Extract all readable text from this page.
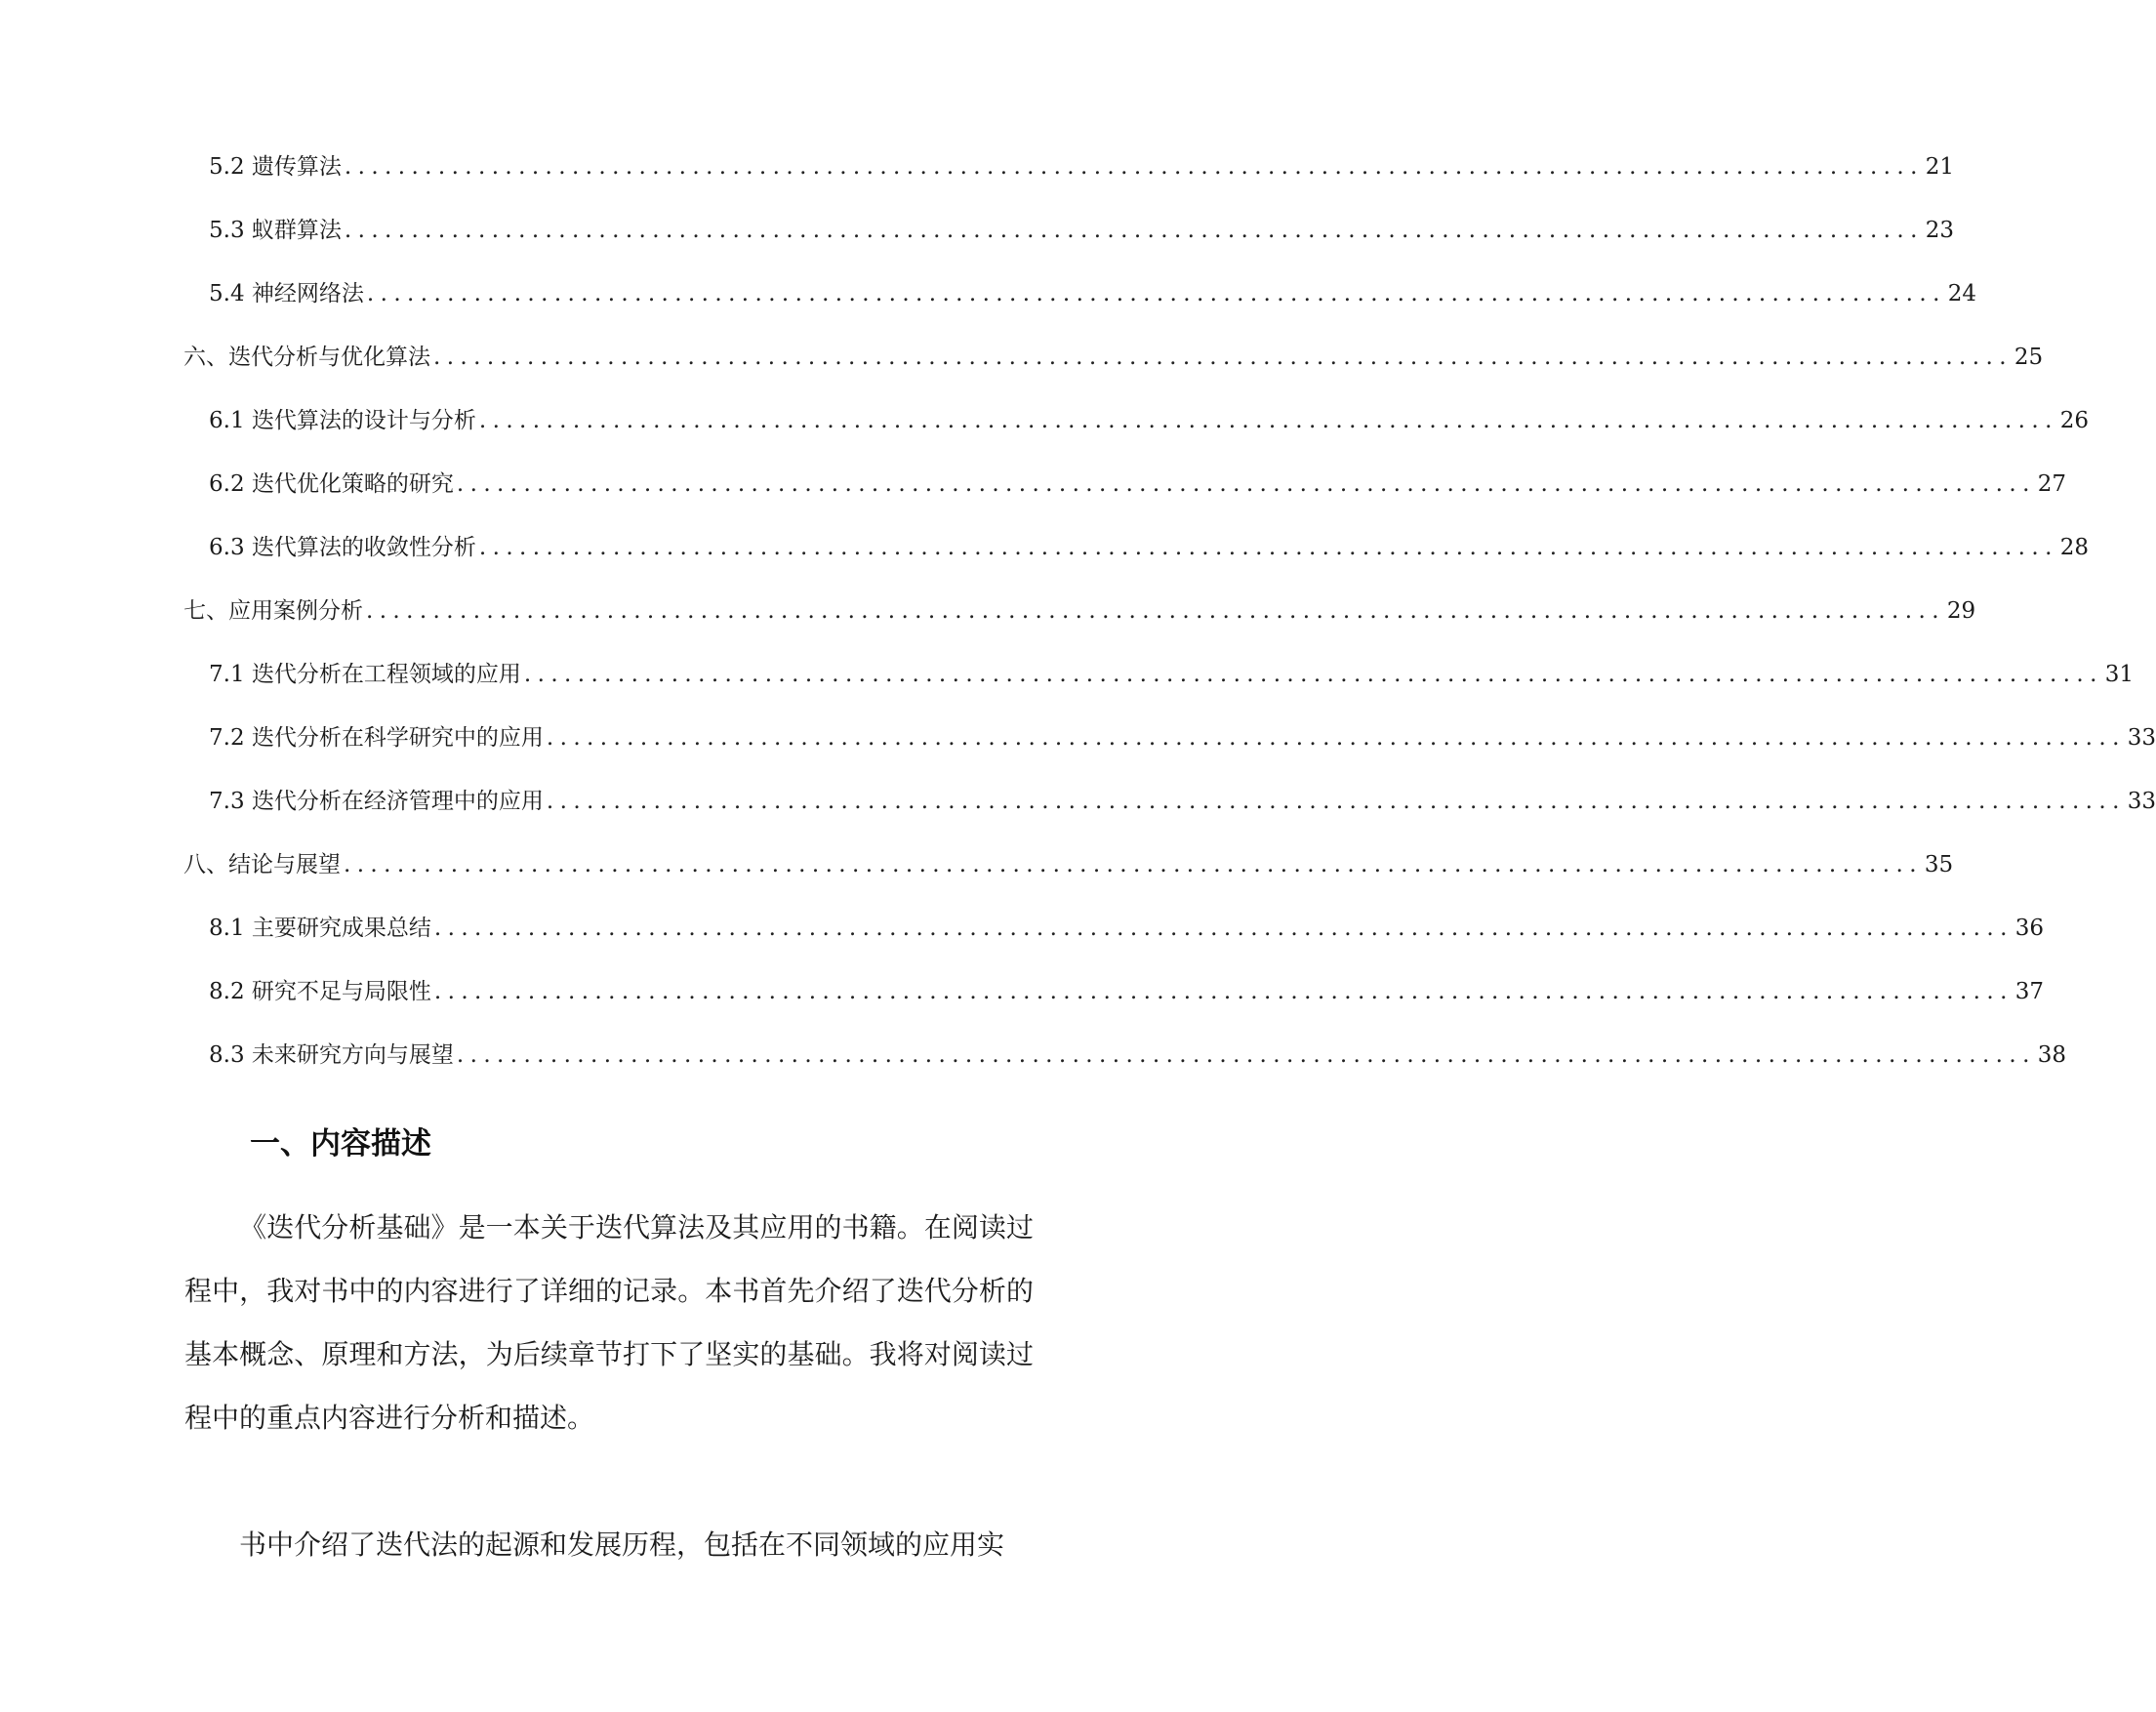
5.2 遗传算法 ...................................................................................................................... 21
5.3 蚁群算法 ...................................................................................................................... 23
5.4 神经网络法 ...................................................................................................................... 24
六、迭代分析与优化算法 ...................................................................................................................... 25
6.1 迭代算法的设计与分析 ...................................................................................................................... 26
6.2 迭代优化策略的研究 ...................................................................................................................... 27
6.3 迭代算法的收敛性分析 ...................................................................................................................... 28
七、应用案例分析 ...................................................................................................................... 29
7.1 迭代分析在工程领域的应用 ...................................................................................................................... 31
7.2 迭代分析在科学研究中的应用 ...................................................................................................................... 33
7.3 迭代分析在经济管理中的应用 ...................................................................................................................... 33
八、结论与展望 ...................................................................................................................... 35
8.1 主要研究成果总结 ...................................................................................................................... 36
8.2 研究不足与局限性 ...................................................................................................................... 37
8.3 未来研究方向与展望 ...................................................................................................................... 38
一、内容描述

《迭代分析基础》是一本关于迭代算法及其应用的书籍。在阅读过程中，我对书中的内容进行了详细的记录。本书首先介绍了迭代分析的基本概念、原理和方法，为后续章节打下了坚实的基础。我将对阅读过程中的重点内容进行分析和描述。

书中介绍了迭代法的起源和发展历程，包括在不同领域的应用实
